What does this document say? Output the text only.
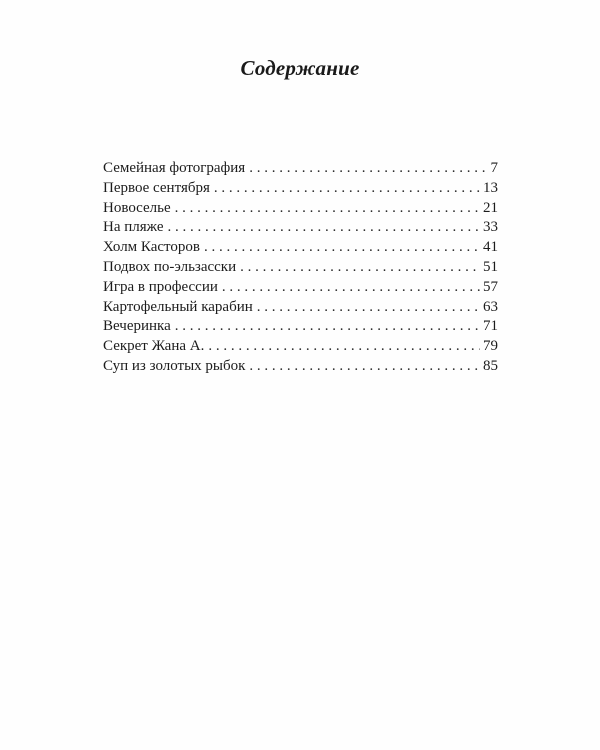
Содержание
Семейная фотография . . .	7
Первое сентября . . .	13
Новоселье . . .	21
На пляже . . .	33
Холм Касторов . . .	41
Подвох по-эльзасски . . .	51
Игра в профессии . . .	57
Картофельный карабин . . .	63
Вечеринка . . .	71
Секрет Жана А. . . .	79
Суп из золотых рыбок . . .	85
